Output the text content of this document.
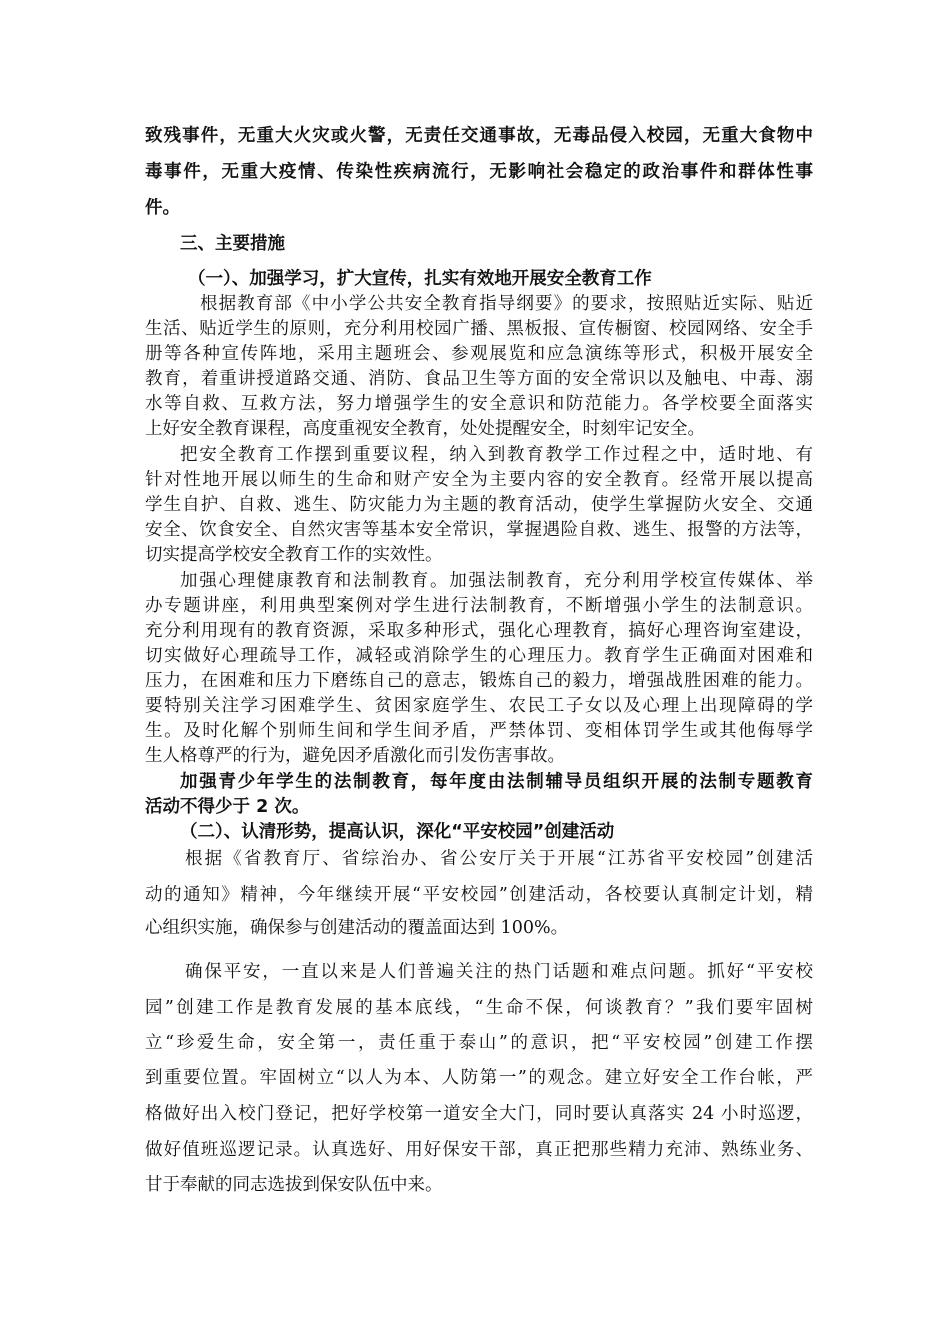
致残事件，无重大火灾或火警，无责任交通事故，无毒品侵入校园，无重大食物中
毒事件，无重大疫情、传染性疾病流行，无影响社会稳定的政治事件和群体性事
件。
三、主要措施
（一）、加强学习，扩大宣传，扎实有效地开展安全教育工作
根据教育部《中小学公共安全教育指导纲要》的要求，按照贴近实际、贴近
生活、贴近学生的原则，充分利用校园广播、黑板报、宣传橱窗、校园网络、安全手
册等各种宣传阵地，采用主题班会、参观展览和应急演练等形式，积极开展安全
教育，着重讲授道路交通、消防、食品卫生等方面的安全常识以及触电、中毒、溺
水等自救、互救方法，努力增强学生的安全意识和防范能力。各学校要全面落实
上好安全教育课程，高度重视安全教育，处处提醒安全，时刻牢记安全。
把安全教育工作摆到重要议程，纳入到教育教学工作过程之中，适时地、有
针对性地开展以师生的生命和财产安全为主要内容的安全教育。经常开展以提高
学生自护、自救、逃生、防灾能力为主题的教育活动，使学生掌握防火安全、交通
安全、饮食安全、自然灾害等基本安全常识，掌握遇险自救、逃生、报警的方法等，
切实提高学校安全教育工作的实效性。
加强心理健康教育和法制教育。加强法制教育，充分利用学校宣传媒体、举
办专题讲座，利用典型案例对学生进行法制教育，不断增强小学生的法制意识。
充分利用现有的教育资源，采取多种形式，强化心理教育，搞好心理咨询室建设，
切实做好心理疏导工作，减轻或消除学生的心理压力。教育学生正确面对困难和
压力，在困难和压力下磨练自己的意志，锻炼自己的毅力，增强战胜困难的能力。
要特别关注学习困难学生、贫困家庭学生、农民工子女以及心理上出现障碍的学
生。及时化解个别师生间和学生间矛盾，严禁体罚、变相体罚学生或其他侮辱学
生人格尊严的行为，避免因矛盾激化而引发伤害事故。
加强青少年学生的法制教育，每年度由法制辅导员组织开展的法制专题教育
活动不得少于 2 次。
（二）、认清形势，提高认识，深化“平安校园”创建活动
根据《省教育厅、省综治办、省公安厅关于开展“江苏省平安校园”创建活
动的通知》精神，今年继续开展“平安校园”创建活动，各校要认真制定计划，精
心组织实施，确保参与创建活动的覆盖面达到 100%。
确保平安，一直以来是人们普遍关注的热门话题和难点问题。抓好“平安校
园”创建工作是教育发展的基本底线，“生命不保，何谈教育？”我们要牢固树
立“珍爱生命，安全第一，责任重于泰山”的意识，把“平安校园”创建工作摆
到重要位置。牢固树立“以人为本、人防第一”的观念。建立好安全工作台帐，严
格做好出入校门登记，把好学校第一道安全大门，同时要认真落实 24 小时巡逻，
做好值班巡逻记录。认真选好、用好保安干部，真正把那些精力充沛、熟练业务、
甘于奉献的同志选拔到保安队伍中来。
